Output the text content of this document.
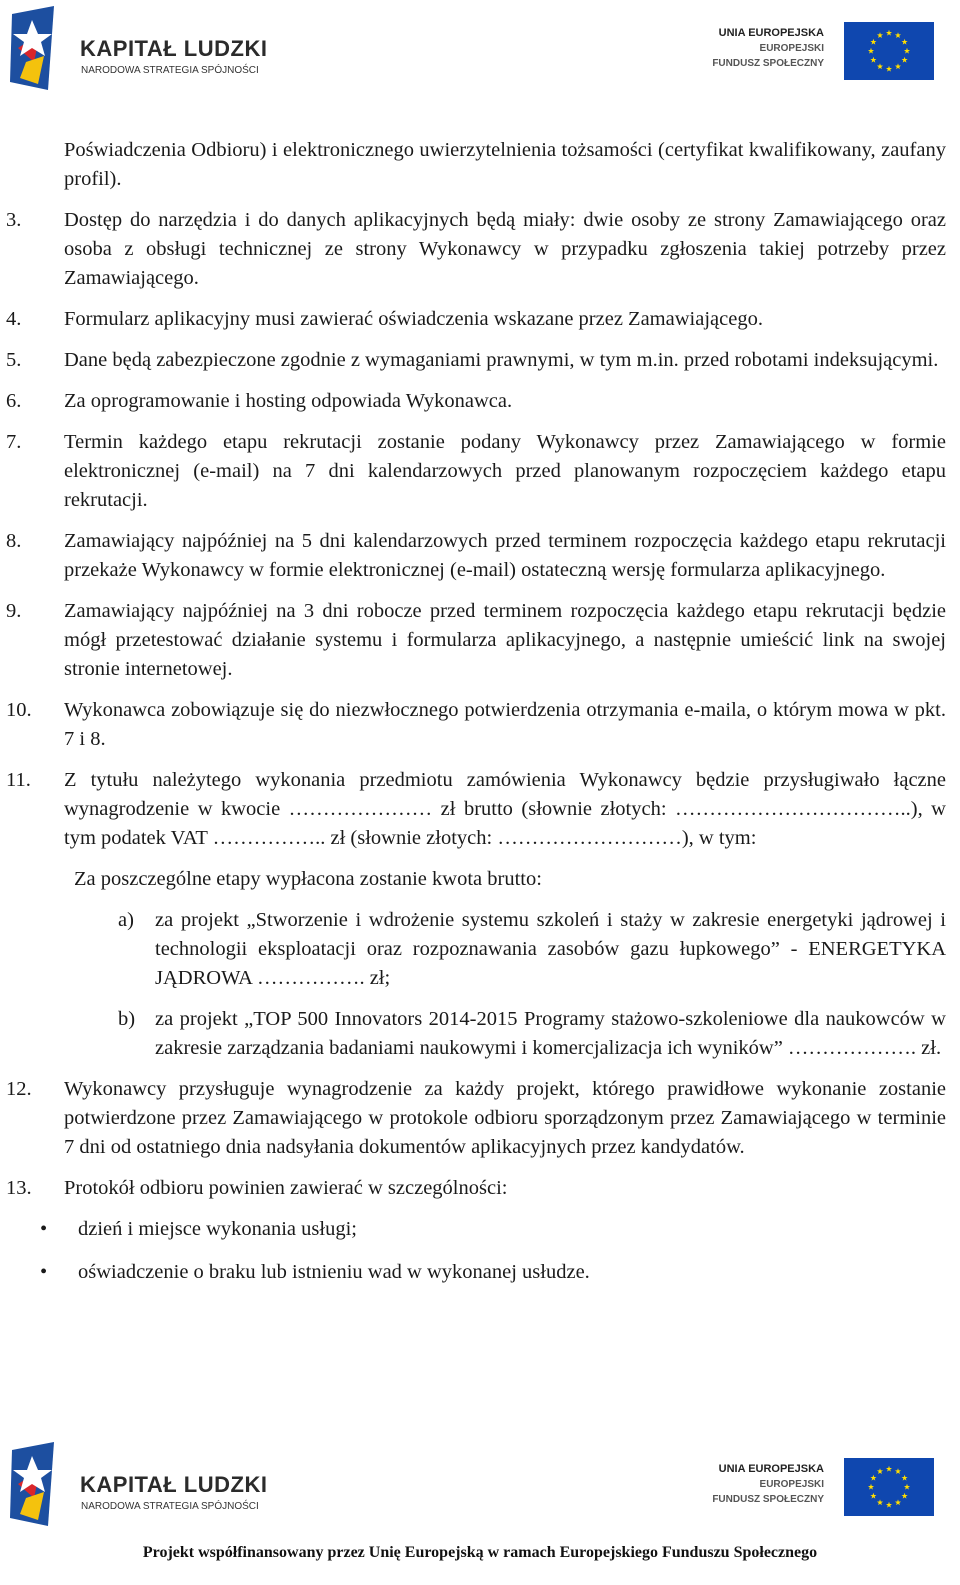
KAPITAŁ LUDZKI
NARODOWA STRATEGIA SPÓJNOŚCI
UNIA EUROPEJSKA
EUROPEJSKI
FUNDUSZ SPOŁECZNY
Poświadczenia Odbioru) i elektronicznego uwierzytelnienia tożsamości (certyfikat kwalifikowany, zaufany profil).
3.	Dostęp do narzędzia i do danych aplikacyjnych będą miały: dwie osoby ze strony Zamawiającego oraz osoba z obsługi technicznej ze strony Wykonawcy w przypadku zgłoszenia takiej potrzeby przez Zamawiającego.
4.	Formularz aplikacyjny musi zawierać oświadczenia wskazane przez Zamawiającego.
5.	Dane będą zabezpieczone zgodnie z wymaganiami prawnymi, w tym m.in. przed robotami indeksującymi.
6.	Za oprogramowanie i hosting odpowiada Wykonawca.
7.	Termin każdego etapu rekrutacji zostanie podany Wykonawcy przez Zamawiającego w formie elektronicznej (e-mail) na 7 dni kalendarzowych przed planowanym rozpoczęciem każdego etapu rekrutacji.
8.	Zamawiający najpóźniej na 5 dni kalendarzowych przed terminem rozpoczęcia każdego etapu rekrutacji przekaże Wykonawcy w formie elektronicznej (e-mail) ostateczną wersję formularza aplikacyjnego.
9.	Zamawiający najpóźniej na 3 dni robocze przed terminem rozpoczęcia każdego etapu rekrutacji będzie mógł przetestować działanie systemu i formularza aplikacyjnego, a następnie umieścić link na swojej stronie internetowej.
10.	Wykonawca zobowiązuje się do niezwłocznego potwierdzenia otrzymania e-maila, o którym mowa w pkt. 7 i 8.
11.	Z tytułu należytego wykonania przedmiotu zamówienia Wykonawcy będzie przysługiwało łączne wynagrodzenie w kwocie ………………… zł brutto (słownie złotych: ……………………………..), w tym podatek VAT …………….. zł (słownie złotych: ………………………), w tym:
Za poszczególne etapy wypłacona zostanie kwota brutto:
a)	za projekt „Stworzenie i wdrożenie systemu szkoleń i staży w zakresie energetyki jądrowej i technologii eksploatacji oraz rozpoznawania zasobów gazu łupkowego” - ENERGETYKA JĄDROWA ……………. zł;
b) za projekt „TOP 500 Innovators 2014-2015 Programy stażowo-szkoleniowe dla naukowców w zakresie zarządzania badaniami naukowymi i komercjalizacja ich wyników” ………………. zł.
12.	Wykonawcy przysługuje wynagrodzenie za każdy projekt, którego prawidłowe wykonanie zostanie potwierdzone przez Zamawiającego w protokole odbioru sporządzonym przez Zamawiającego w terminie 7 dni od ostatniego dnia nadsyłania dokumentów aplikacyjnych przez kandydatów.
13.	Protokół odbioru powinien zawierać w szczególności:
•	dzień i miejsce wykonania usługi;
•	oświadczenie o braku lub istnieniu wad w wykonanej usłudze.
KAPITAŁ LUDZKI
NARODOWA STRATEGIA SPÓJNOŚCI
UNIA EUROPEJSKA
EUROPEJSKI
FUNDUSZ SPOŁECZNY
Projekt współfinansowany przez Unię Europejską w ramach Europejskiego Funduszu Społecznego
